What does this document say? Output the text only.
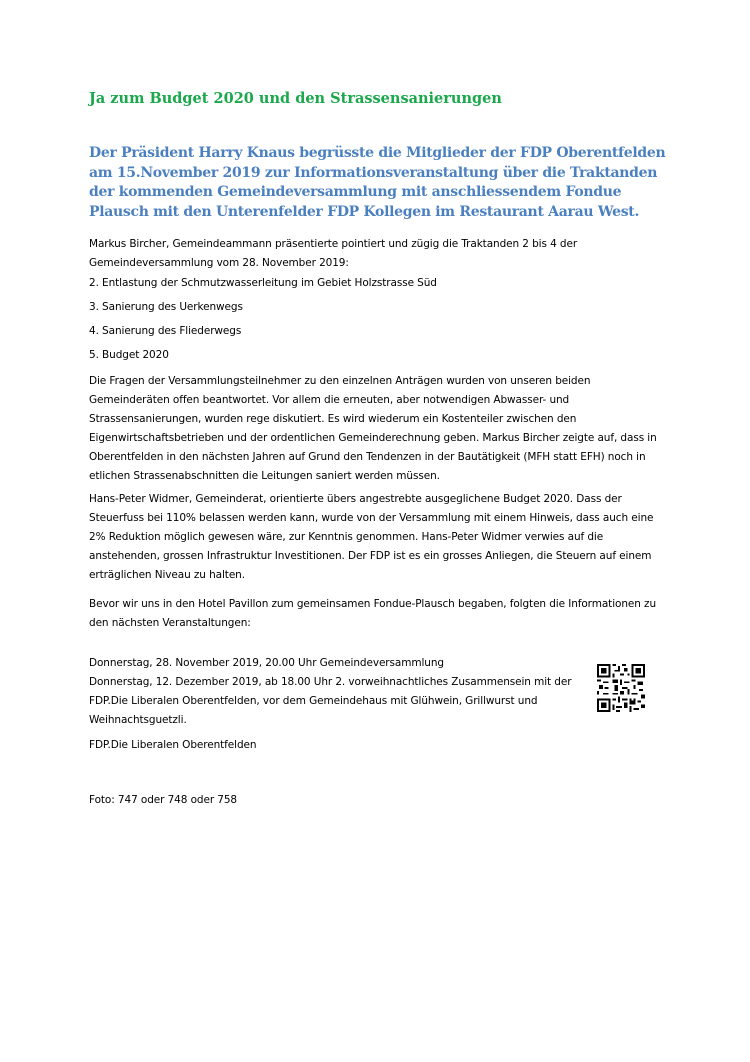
Ja zum Budget 2020 und den Strassensanierungen
Der Präsident Harry Knaus begrüsste die Mitglieder der FDP Oberentfelden am 15.November 2019 zur Informationsveranstaltung über die Traktanden der kommenden Gemeindeversammlung mit anschliessendem Fondue Plausch mit den Unterenfelder FDP Kollegen im Restaurant Aarau West.

Markus Bircher, Gemeindeammann präsentierte pointiert und zügig die Traktanden 2 bis 4 der Gemeindeversammlung vom 28. November 2019:

2. Entlastung der Schmutzwasserleitung im Gebiet Holzstrasse Süd
3. Sanierung des Uerkenwegs
4. Sanierung des Fliederwegs
5. Budget 2020

Die Fragen der Versammlungsteilnehmer zu den einzelnen Anträgen wurden von unseren beiden Gemeinderäten offen beantwortet. Vor allem die erneuten, aber notwendigen Abwasser- und Strassensanierungen, wurden rege diskutiert. Es wird wiederum ein Kostenteiler zwischen den Eigenwirtschaftsbetrieben und der ordentlichen Gemeinderechnung geben. Markus Bircher zeigte auf, dass in Oberentfelden in den nächsten Jahren auf Grund den Tendenzen in der Bautätigkeit (MFH statt EFH) noch in etlichen Strassenabschnitten die Leitungen saniert werden müssen.

Hans-Peter Widmer, Gemeinderat, orientierte übers angestrebte ausgeglichene Budget 2020. Dass der Steuerfuss bei 110% belassen werden kann, wurde von der Versammlung mit einem Hinweis, dass auch eine 2% Reduktion möglich gewesen wäre, zur Kenntnis genommen. Hans-Peter Widmer verwies auf die anstehenden, grossen Infrastruktur Investitionen. Der FDP ist es ein grosses Anliegen, die Steuern auf einem erträglichen Niveau zu halten.

Bevor wir uns in den Hotel Pavillon zum gemeinsamen Fondue-Plausch begaben, folgten die Informationen zu den nächsten Veranstaltungen:

Donnerstag, 28. November 2019, 20.00 Uhr Gemeindeversammlung

Donnerstag, 12. Dezember 2019, ab 18.00 Uhr 2. vorweihnachtliches Zusammensein mit der FDP.Die Liberalen Oberentfelden, vor dem Gemeindehaus mit Glühwein, Grillwurst und Weihnachtsguetzli.

FDP.Die Liberalen Oberentfelden
Foto: 747 oder 748 oder 758
